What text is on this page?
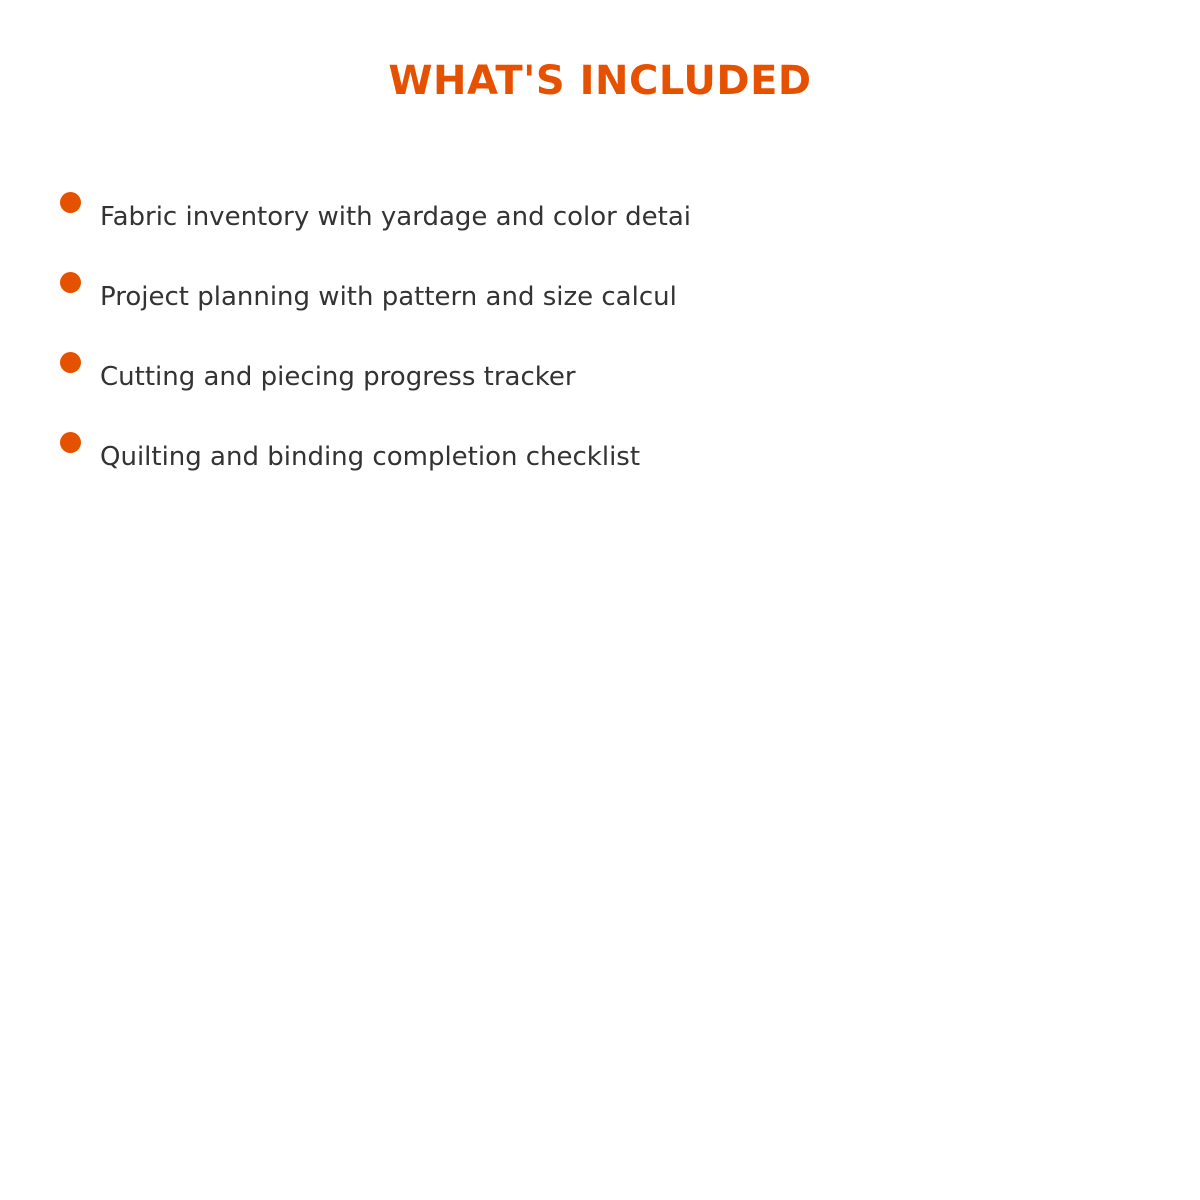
WHAT'S INCLUDED
Fabric inventory with yardage and color detai
Project planning with pattern and size calcul
Cutting and piecing progress tracker
Quilting and binding completion checklist
